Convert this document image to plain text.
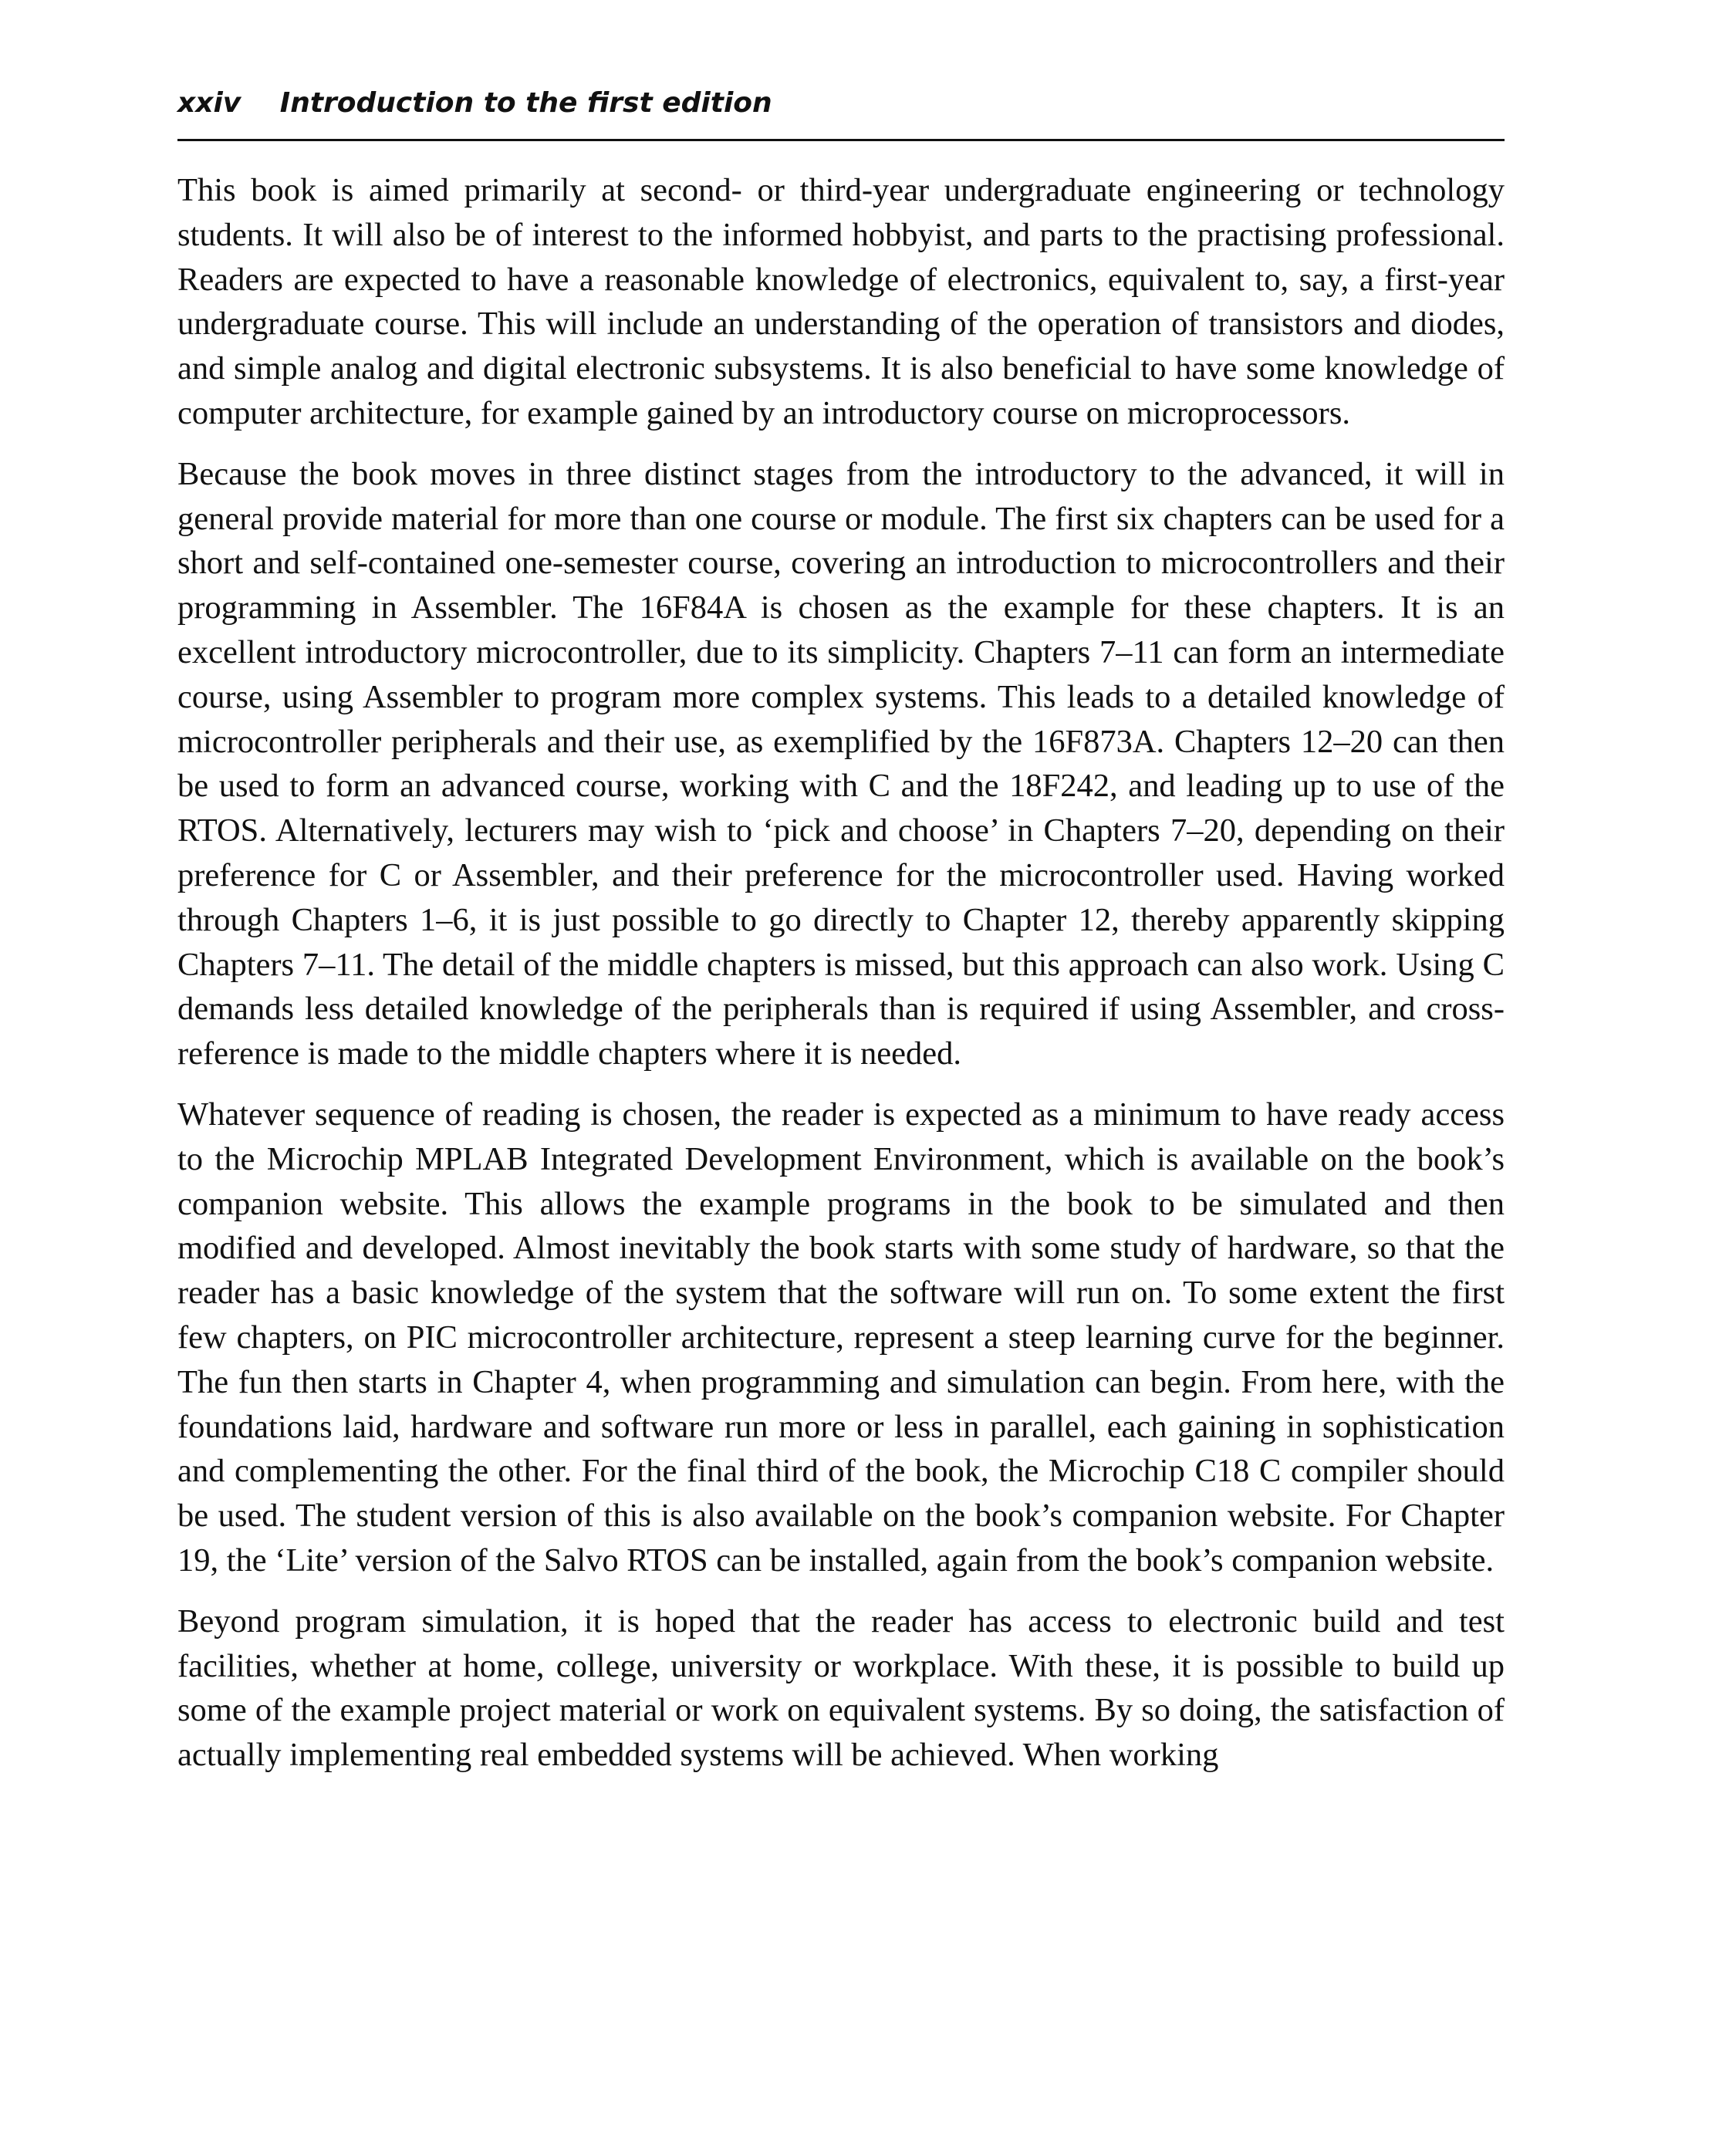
xxiv Introduction to the first edition

This book is aimed primarily at second- or third-year undergraduate engineering or technology students. It will also be of interest to the informed hobbyist, and parts to the practising professional. Readers are expected to have a reasonable knowledge of electronics, equivalent to, say, a first-year undergraduate course. This will include an understanding of the operation of transistors and diodes, and simple analog and digital electronic subsystems. It is also beneficial to have some knowledge of computer architecture, for example gained by an introductory course on microprocessors.

Because the book moves in three distinct stages from the introductory to the advanced, it will in general provide material for more than one course or module. The first six chapters can be used for a short and self-contained one-semester course, covering an introduction to microcontrollers and their programming in Assembler. The 16F84A is chosen as the example for these chapters. It is an excellent introductory microcontroller, due to its simplicity. Chapters 7–11 can form an intermediate course, using Assembler to program more complex systems. This leads to a detailed knowledge of microcontroller peripherals and their use, as exemplified by the 16F873A. Chapters 12–20 can then be used to form an advanced course, working with C and the 18F242, and leading up to use of the RTOS. Alternatively, lecturers may wish to ‘pick and choose’ in Chapters 7–20, depending on their preference for C or Assembler, and their preference for the microcontroller used. Having worked through Chapters 1–6, it is just possible to go directly to Chapter 12, thereby apparently skipping Chapters 7–11. The detail of the middle chapters is missed, but this approach can also work. Using C demands less detailed knowledge of the peripherals than is required if using Assembler, and cross-reference is made to the middle chapters where it is needed.

Whatever sequence of reading is chosen, the reader is expected as a minimum to have ready access to the Microchip MPLAB Integrated Development Environment, which is available on the book’s companion website. This allows the example programs in the book to be simulated and then modified and developed. Almost inevitably the book starts with some study of hardware, so that the reader has a basic knowledge of the system that the software will run on. To some extent the first few chapters, on PIC microcontroller architecture, represent a steep learning curve for the beginner. The fun then starts in Chapter 4, when programming and simulation can begin. From here, with the foundations laid, hardware and software run more or less in parallel, each gaining in sophistication and complementing the other. For the final third of the book, the Microchip C18 C compiler should be used. The student version of this is also available on the book’s companion website. For Chapter 19, the ‘Lite’ version of the Salvo RTOS can be installed, again from the book’s companion website.

Beyond program simulation, it is hoped that the reader has access to electronic build and test facilities, whether at home, college, university or workplace. With these, it is possible to build up some of the example project material or work on equivalent systems. By so doing, the satisfaction of actually implementing real embedded systems will be achieved. When working
